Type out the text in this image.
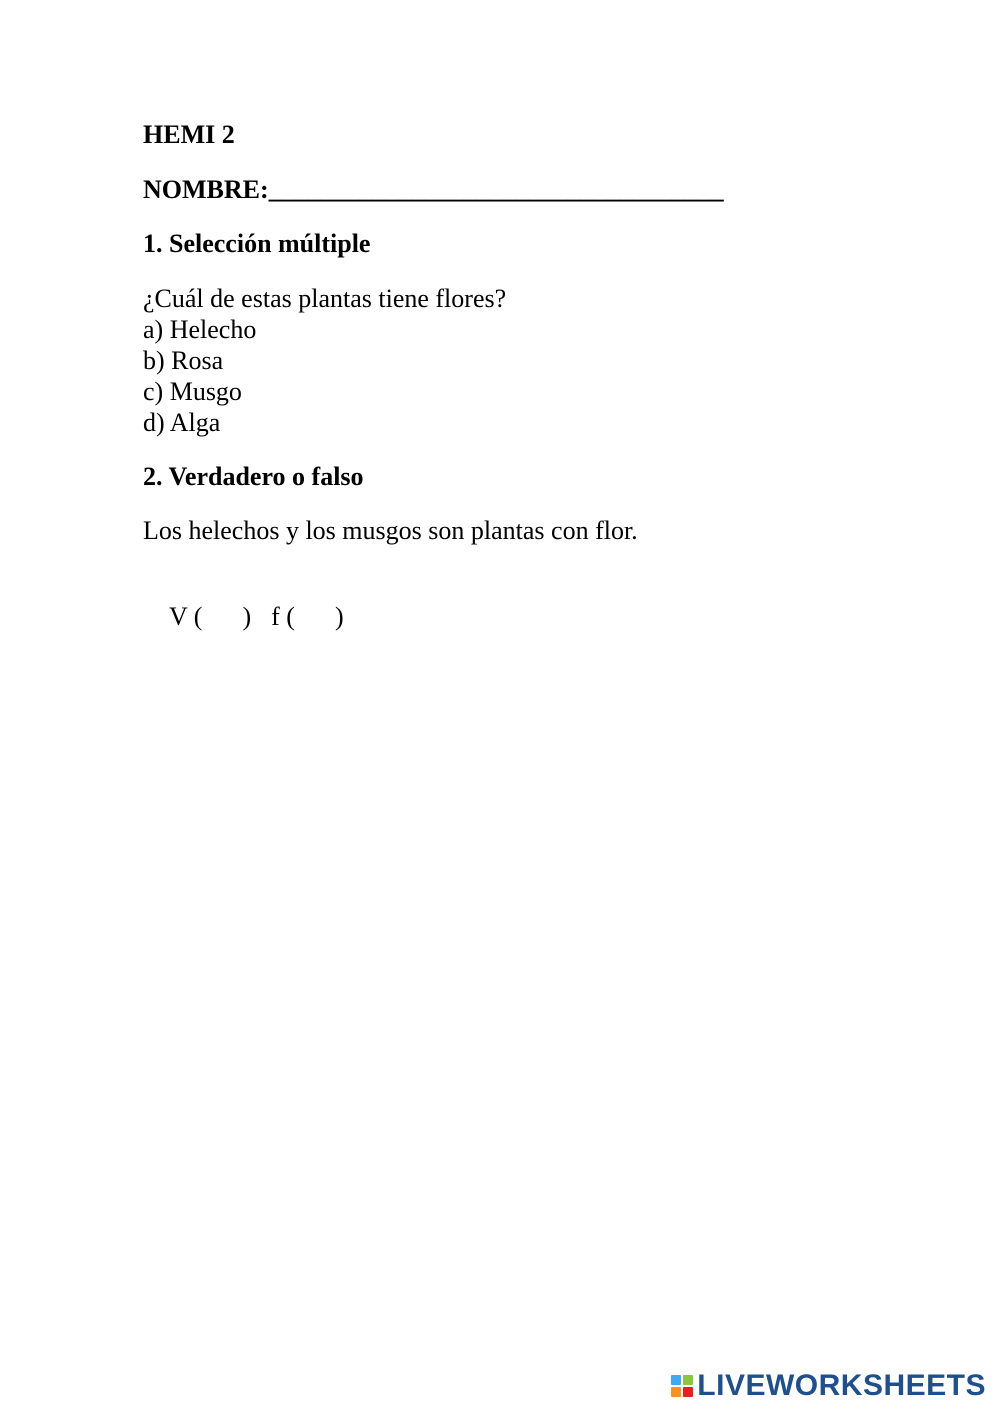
HEMI 2
NOMBRE:___________________________________
1. Selección múltiple
¿Cuál de estas plantas tiene flores?
a) Helecho
b) Rosa
c) Musgo
d) Alga
2. Verdadero o falso
Los helechos y los musgos son plantas con flor.

V ( ) f ( )

LIVEWORKSHEETS
